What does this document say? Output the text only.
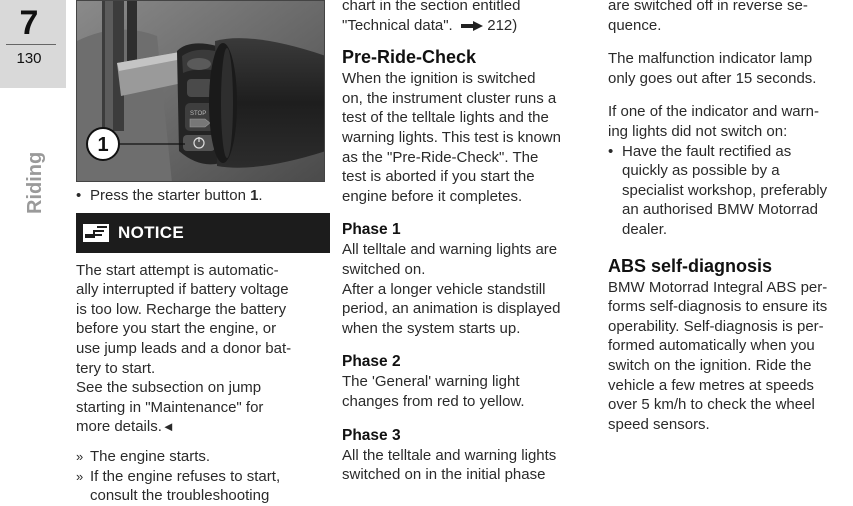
7
130
Riding
STOP
1

• Press the starter button 1.

NOTICE

The start attempt is automatic-

ally interrupted if battery voltage

is too low. Recharge the battery

before you start the engine, or

use jump leads and a donor bat-

tery to start.

See the subsection on jump

starting in "Maintenance" for

more details.◄

» The engine starts.

» If the engine refuses to start,
consult the troubleshooting

chart in the section entitled

"Technical data". 212)

Pre-Ride-Check

When the ignition is switched

on, the instrument cluster runs a

test of the telltale lights and the

warning lights. This test is known

as the "Pre-Ride-Check". The

test is aborted if you start the

engine before it completes.

Phase 1

All telltale and warning lights are

switched on.

After a longer vehicle standstill

period, an animation is displayed

when the system starts up.

Phase 2

The 'General' warning light

changes from red to yellow.

Phase 3

All the telltale and warning lights

switched on in the initial phase

are switched off in reverse se-

quence.

The malfunction indicator lamp

only goes out after 15 seconds.

If one of the indicator and warn-

ing lights did not switch on:

• Have the fault rectified as

quickly as possible by a

specialist workshop, preferably

an authorised BMW Motorrad

dealer.

ABS self-diagnosis

BMW Motorrad Integral ABS per-

forms self-diagnosis to ensure its

operability. Self-diagnosis is per-

formed automatically when you

switch on the ignition. Ride the

vehicle a few metres at speeds

over 5 km/h to check the wheel

speed sensors.
